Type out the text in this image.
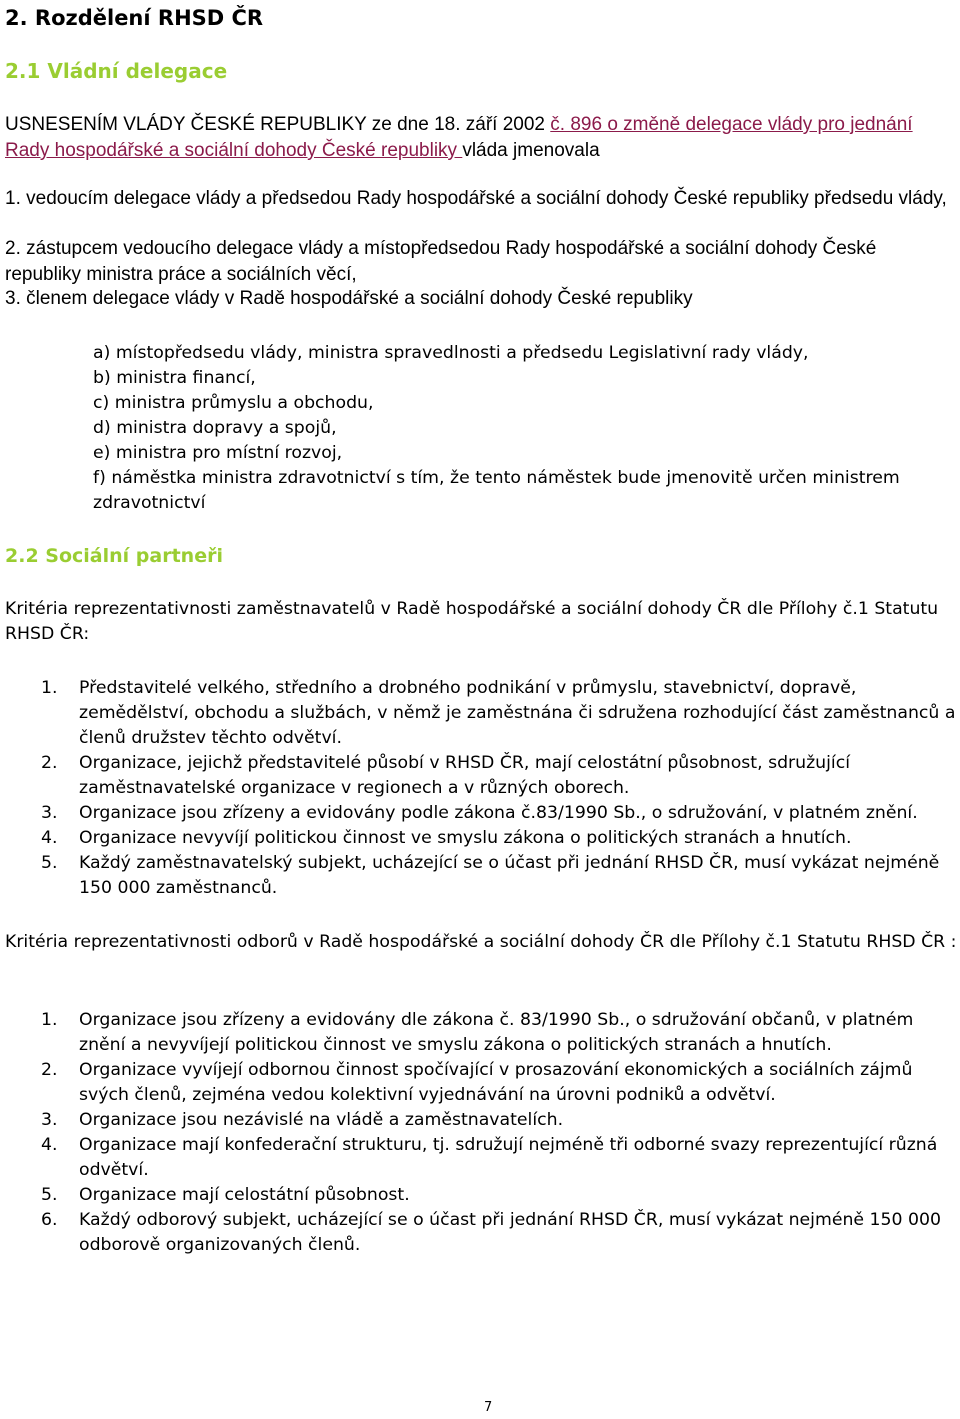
2. Rozdělení RHSD ČR
2.1 Vládní delegace

USNESENÍM VLÁDY ČESKÉ REPUBLIKY ze dne 18. září 2002 č. 896 o změně delegace vlády pro jednání Rady hospodářské a sociální dohody České republiky vláda jmenovala

1. vedoucím delegace vlády a předsedou Rady hospodářské a sociální dohody České republiky předsedu vlády,

2. zástupcem vedoucího delegace vlády a místopředsedou Rady hospodářské a sociální dohody České republiky ministra práce a sociálních věcí,

3. členem delegace vlády v Radě hospodářské a sociální dohody České republiky

a) místopředsedu vlády, ministra spravedlnosti a předsedu Legislativní rady vlády,
b) ministra financí,
c) ministra průmyslu a obchodu,
d) ministra dopravy a spojů,
e) ministra pro místní rozvoj,
f) náměstka ministra zdravotnictví s tím, že tento náměstek bude jmenovitě určen ministrem zdravotnictví
2.2 Sociální partneři

Kritéria reprezentativnosti zaměstnavatelů v Radě hospodářské a sociální dohody ČR dle Přílohy č.1 Statutu RHSD ČR:

1. Představitelé velkého, středního a drobného podnikání v průmyslu, stavebnictví, dopravě, zemědělství, obchodu a službách, v němž je zaměstnána či sdružena rozhodující část zaměstnanců a členů družstev těchto odvětví.
2. Organizace, jejichž představitelé působí v RHSD ČR, mají celostátní působnost, sdružující zaměstnavatelské organizace v regionech a v různých oborech.
3. Organizace jsou zřízeny a evidovány podle zákona č.83/1990 Sb., o sdružování, v platném znění.
4. Organizace nevyvíjí politickou činnost ve smyslu zákona o politických stranách a hnutích.
5. Každý zaměstnavatelský subjekt, ucházející se o účast při jednání RHSD ČR, musí vykázat nejméně 150 000 zaměstnanců.

Kritéria reprezentativnosti odborů v Radě hospodářské a sociální dohody ČR dle Přílohy č.1 Statutu RHSD ČR :

1. Organizace jsou zřízeny a evidovány dle zákona č. 83/1990 Sb., o sdružování občanů, v platném znění a nevyvíjejí politickou činnost ve smyslu zákona o politických stranách a hnutích.
2. Organizace vyvíjejí odbornou činnost spočívající v prosazování ekonomických a sociálních zájmů svých členů, zejména vedou kolektivní vyjednávání na úrovni podniků a odvětví.
3. Organizace jsou nezávislé na vládě a zaměstnavatelích.
4. Organizace mají konfederační strukturu, tj. sdružují nejméně tři odborné svazy reprezentující různá odvětví.
5. Organizace mají celostátní působnost.
6. Každý odborový subjekt, ucházející se o účast při jednání RHSD ČR, musí vykázat nejméně 150 000 odborově organizovaných členů.
7
